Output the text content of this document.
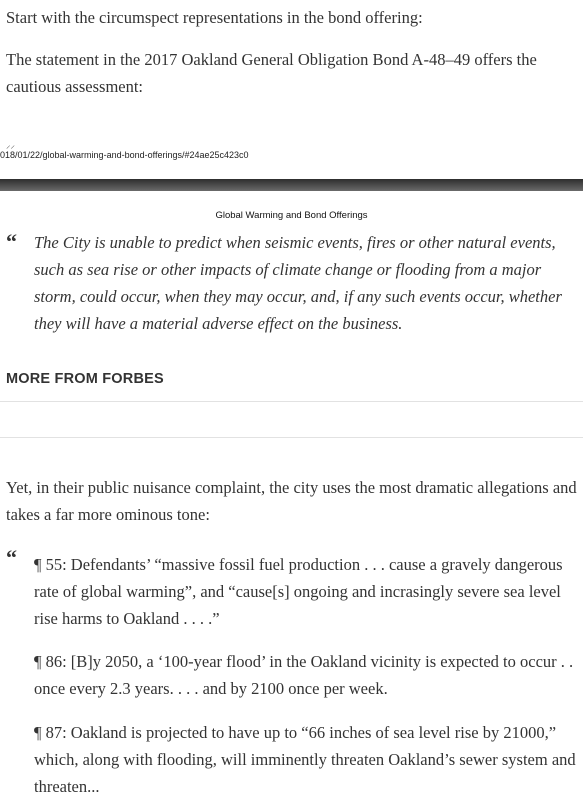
Start with the circumspect representations in the bond offering:

The statement in the 2017 Oakland General Obligation Bond A-48–49 offers the cautious assessment:

⸝⸝
018/01/22/global-warming-and-bond-offerings/#24ae25c423c0
Global Warming and Bond Offerings
“ The City is unable to predict when seismic events, fires or other natural events, such as sea rise or other impacts of climate change or flooding from a major storm, could occur, when they may occur, and, if any such events occur, whether they will have a material adverse effect on the business.

MORE FROM FORBES

Yet, in their public nuisance complaint, the city uses the most dramatic allegations and takes a far more ominous tone:

“ ¶ 55: Defendants’ “massive fossil fuel production . . . cause a gravely dangerous rate of global warming”, and “cause[s] ongoing and incrasingly severe sea level rise harms to Oakland . . . .”

¶ 86: [B]y 2050, a ‘100-year flood’ in the Oakland vicinity is expected to occur . . once every 2.3 years. . . . and by 2100 once per week.

¶ 87: Oakland is projected to have up to “66 inches of sea level rise by 21000,” which, along with flooding, will imminently threaten Oakland’s sewer system and threaten...
